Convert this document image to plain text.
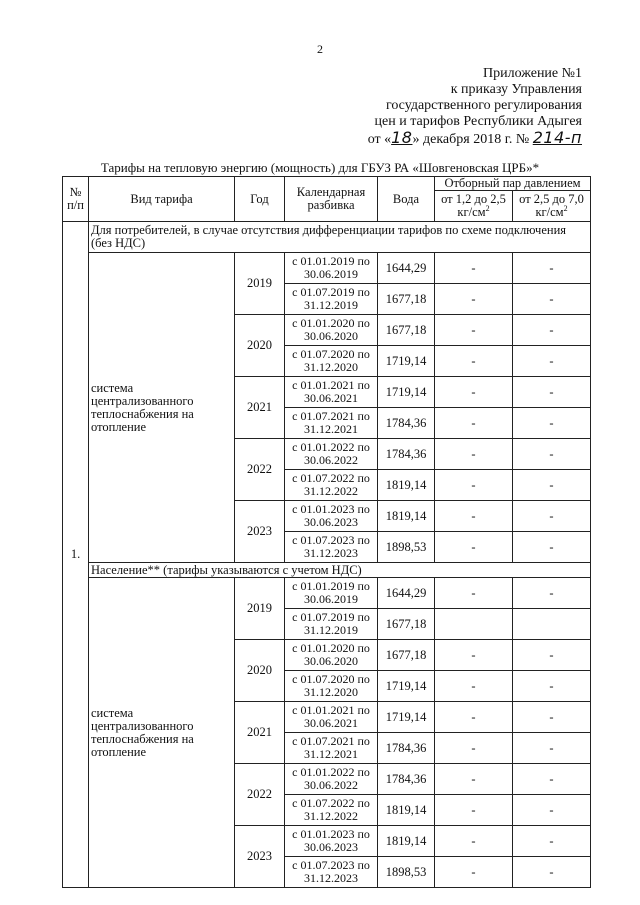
2
Приложение №1
к приказу Управления
государственного регулирования
цен и тарифов Республики Адыгея
от «18» декабря 2018 г. № 214-п
Тарифы на тепловую энергию (мощность) для ГБУЗ РА «Шовгеновская ЦРБ»*
№ п/п	Вид тарифа	Год	Календарная разбивка	Вода	Отборный пар давлением	
					от 1,2 до 2,5 $кг/см^2$	от 2,5 до 7,0 $кг/см^2$
1.	Для потребителей, в случае отсутствия дифференциации тарифов по схеме подключения (без НДС)					
	система централизованного теплоснабжения на отопление	2019	с 01.01.2019 по 30.06.2019	1644,29	-	-
			с 01.07.2019 по 31.12.2019	1677,18	-	-
		2020	с 01.01.2020 по 30.06.2020	1677,18	-	-
			с 01.07.2020 по 31.12.2020	1719,14	-	-
		2021	с 01.01.2021 по 30.06.2021	1719,14	-	-
			с 01.07.2021 по 31.12.2021	1784,36	-	-
		2022	с 01.01.2022 по 30.06.2022	1784,36	-	-
			с 01.07.2022 по 31.12.2022	1819,14	-	-
		2023	с 01.01.2023 по 30.06.2023	1819,14	-	-
			с 01.07.2023 по 31.12.2023	1898,53	-	-
	Население** (тарифы указываются с учетом НДС)					
	система централизованного теплоснабжения на отопление	2019	с 01.01.2019 по 30.06.2019	1644,29	-	-
			с 01.07.2019 по 31.12.2019	1677,18		
		2020	с 01.01.2020 по 30.06.2020	1677,18	-	-
			с 01.07.2020 по 31.12.2020	1719,14	-	-
		2021	с 01.01.2021 по 30.06.2021	1719,14	-	-
			с 01.07.2021 по 31.12.2021	1784,36	-	-
		2022	с 01.01.2022 по 30.06.2022	1784,36	-	-
			с 01.07.2022 по 31.12.2022	1819,14	-	-
		2023	с 01.01.2023 по 30.06.2023	1819,14	-	-
			с 01.07.2023 по 31.12.2023	1898,53	-	-
